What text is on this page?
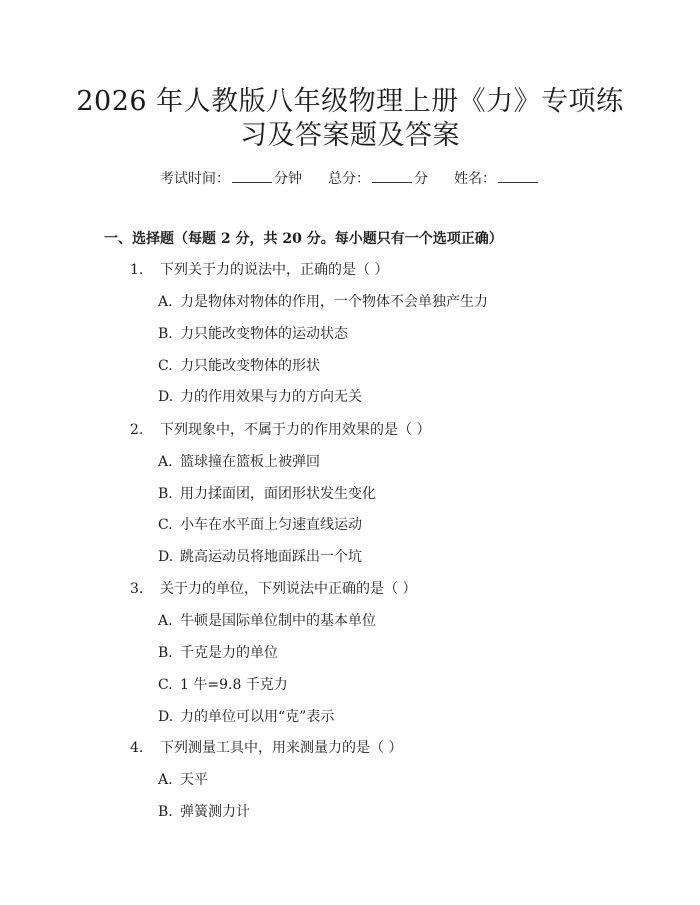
2026 年人教版八年级物理上册《力》专项练
习及答案题及答案
考试时间：	分钟 总分：	分 姓名：
一、选择题（每题 2 分，共 20 分。每小题只有一个选项正确）
1. 下列关于力的说法中，正确的是（ ）
A. 力是物体对物体的作用，一个物体不会单独产生力
B. 力只能改变物体的运动状态
C. 力只能改变物体的形状
D. 力的作用效果与力的方向无关
2. 下列现象中，不属于力的作用效果的是（ ）
A. 篮球撞在篮板上被弹回
B. 用力揉面团，面团形状发生变化
C. 小车在水平面上匀速直线运动
D. 跳高运动员将地面踩出一个坑
3. 关于力的单位，下列说法中正确的是（ ）
A. 牛顿是国际单位制中的基本单位
B. 千克是力的单位
C. 1 牛=9.8 千克力
D. 力的单位可以用“克”表示
4. 下列测量工具中，用来测量力的是（ ）
A. 天平
B. 弹簧测力计
